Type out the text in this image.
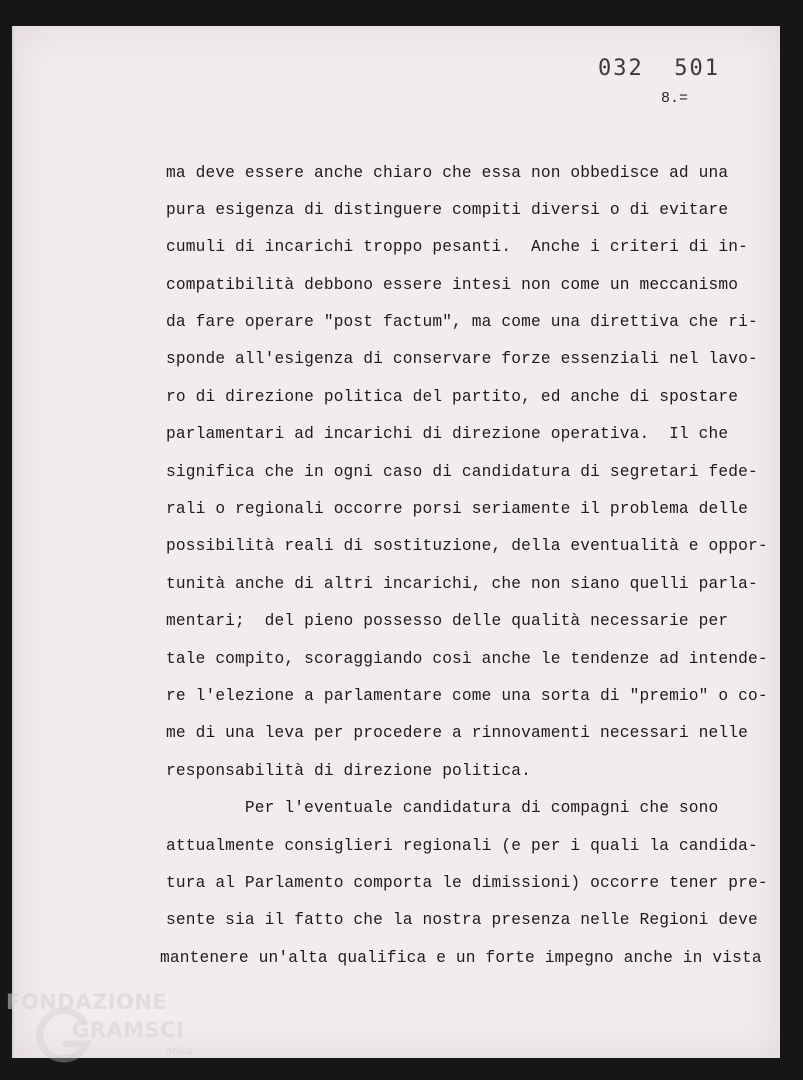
032  501
8.=
ma deve essere anche chiaro che essa non obbedisce ad una
pura esigenza di distinguere compiti diversi o di evitare
cumuli di incarichi troppo pesanti.  Anche i criteri di in-
compatibilità debbono essere intesi non come un meccanismo
da fare operare "post factum", ma come una direttiva che ri-
sponde all'esigenza di conservare forze essenziali nel lavo-
ro di direzione politica del partito, ed anche di spostare
parlamentari ad incarichi di direzione operativa.  Il che
significa che in ogni caso di candidatura di segretari fede-
rali o regionali occorre porsi seriamente il problema delle
possibilità reali di sostituzione, della eventualità e oppor-
tunità anche di altri incarichi, che non siano quelli parla-
mentari;  del pieno possesso delle qualità necessarie per
tale compito, scoraggiando così anche le tendenze ad intende-
re l'elezione a parlamentare come una sorta di "premio" o co-
me di una leva per procedere a rinnovamenti necessari nelle
responsabilità di direzione politica.
Per l'eventuale candidatura di compagni che sono
attualmente consiglieri regionali (e per i quali la candida-
tura al Parlamento comporta le dimissioni) occorre tener pre-
sente sia il fatto che la nostra presenza nelle Regioni deve
mantenere un'alta qualifica e un forte impegno anche in vista
FONDAZIONE
GRAMSCI
onlus
